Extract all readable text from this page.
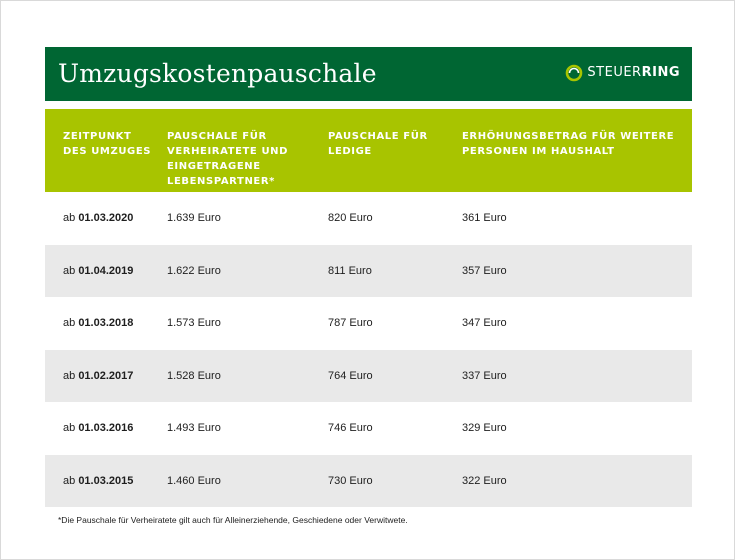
Umzugskostenpauschale	STEUERRING
ZEITPUNKT DES UMZUGES	PAUSCHALE FÜR VERHEIRATETE UND EINGETRAGENE LEBENSPARTNER*	PAUSCHALE FÜR LEDIGE	ERHÖHUNGSBETRAG FÜR WEITERE PERSONEN IM HAUSHALT

ab 01.03.2020	1.639 Euro	820 Euro	361 Euro
ab 01.04.2019	1.622 Euro	811 Euro	357 Euro
ab 01.03.2018	1.573 Euro	787 Euro	347 Euro
ab 01.02.2017	1.528 Euro	764 Euro	337 Euro
ab 01.03.2016	1.493 Euro	746 Euro	329 Euro
ab 01.03.2015	1.460 Euro	730 Euro	322 Euro
*Die Pauschale für Verheiratete gilt auch für Alleinerziehende, Geschiedene oder Verwitwete.
